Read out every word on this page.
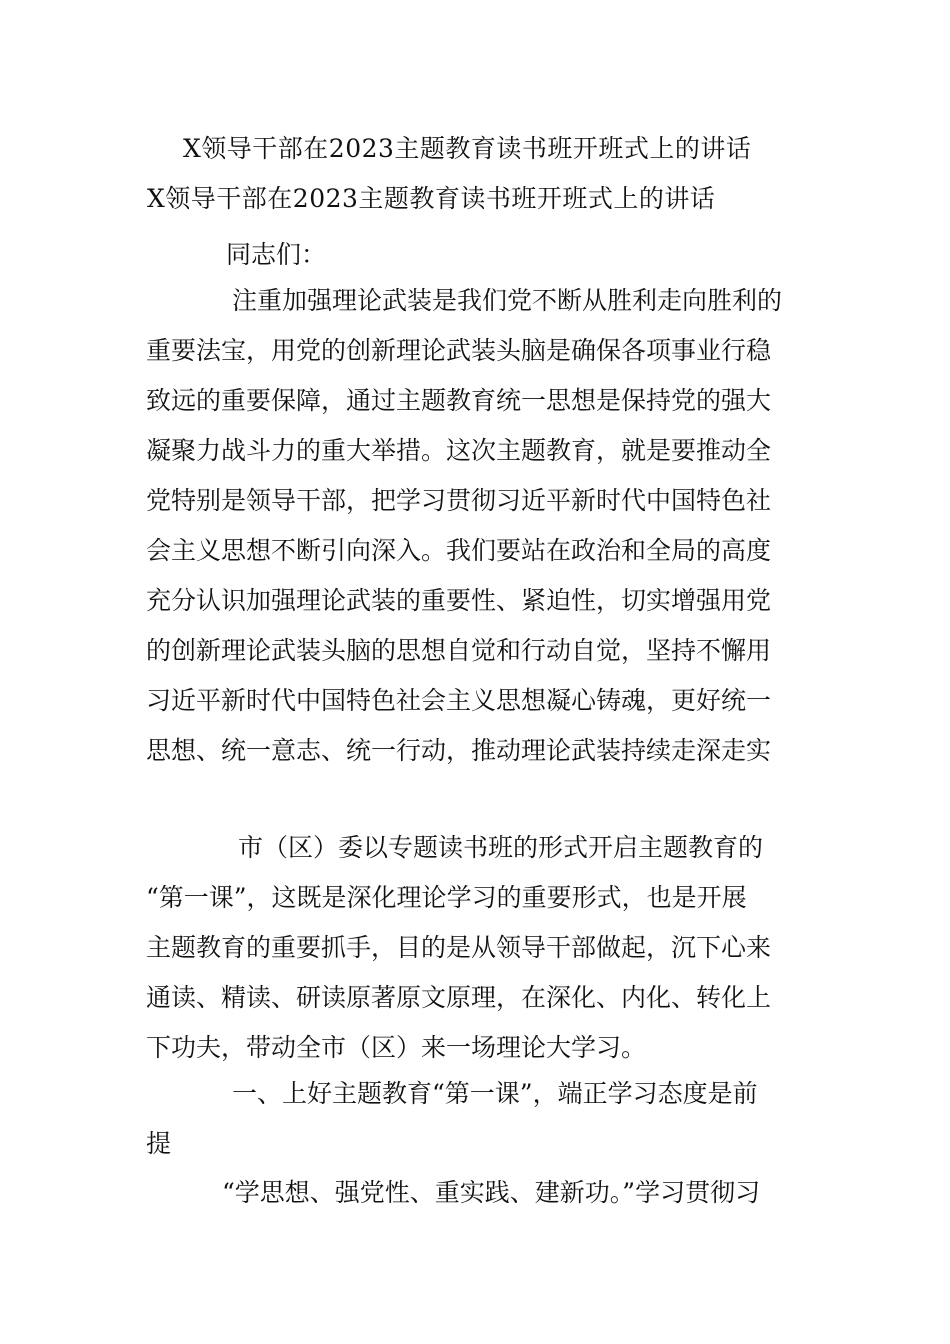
X领导干部在2023主题教育读书班开班式上的讲话
X领导干部在2023主题教育读书班开班式上的讲话
同志们：
注重加强理论武装是我们党不断从胜利走向胜利的
重要法宝，用党的创新理论武装头脑是确保各项事业行稳
致远的重要保障，通过主题教育统一思想是保持党的强大
凝聚力战斗力的重大举措。这次主题教育，就是要推动全
党特别是领导干部，把学习贯彻习近平新时代中国特色社
会主义思想不断引向深入。我们要站在政治和全局的高度
充分认识加强理论武装的重要性、紧迫性，切实增强用党
的创新理论武装头脑的思想自觉和行动自觉，坚持不懈用
习近平新时代中国特色社会主义思想凝心铸魂，更好统一
思想、统一意志、统一行动，推动理论武装持续走深走实
市（区）委以专题读书班的形式开启主题教育的
“第一课”，这既是深化理论学习的重要形式，也是开展
主题教育的重要抓手，目的是从领导干部做起，沉下心来
通读、精读、研读原著原文原理，在深化、内化、转化上
下功夫，带动全市（区）来一场理论大学习。
一、上好主题教育“第一课”，端正学习态度是前
提
“学思想、强党性、重实践、建新功。”学习贯彻习
